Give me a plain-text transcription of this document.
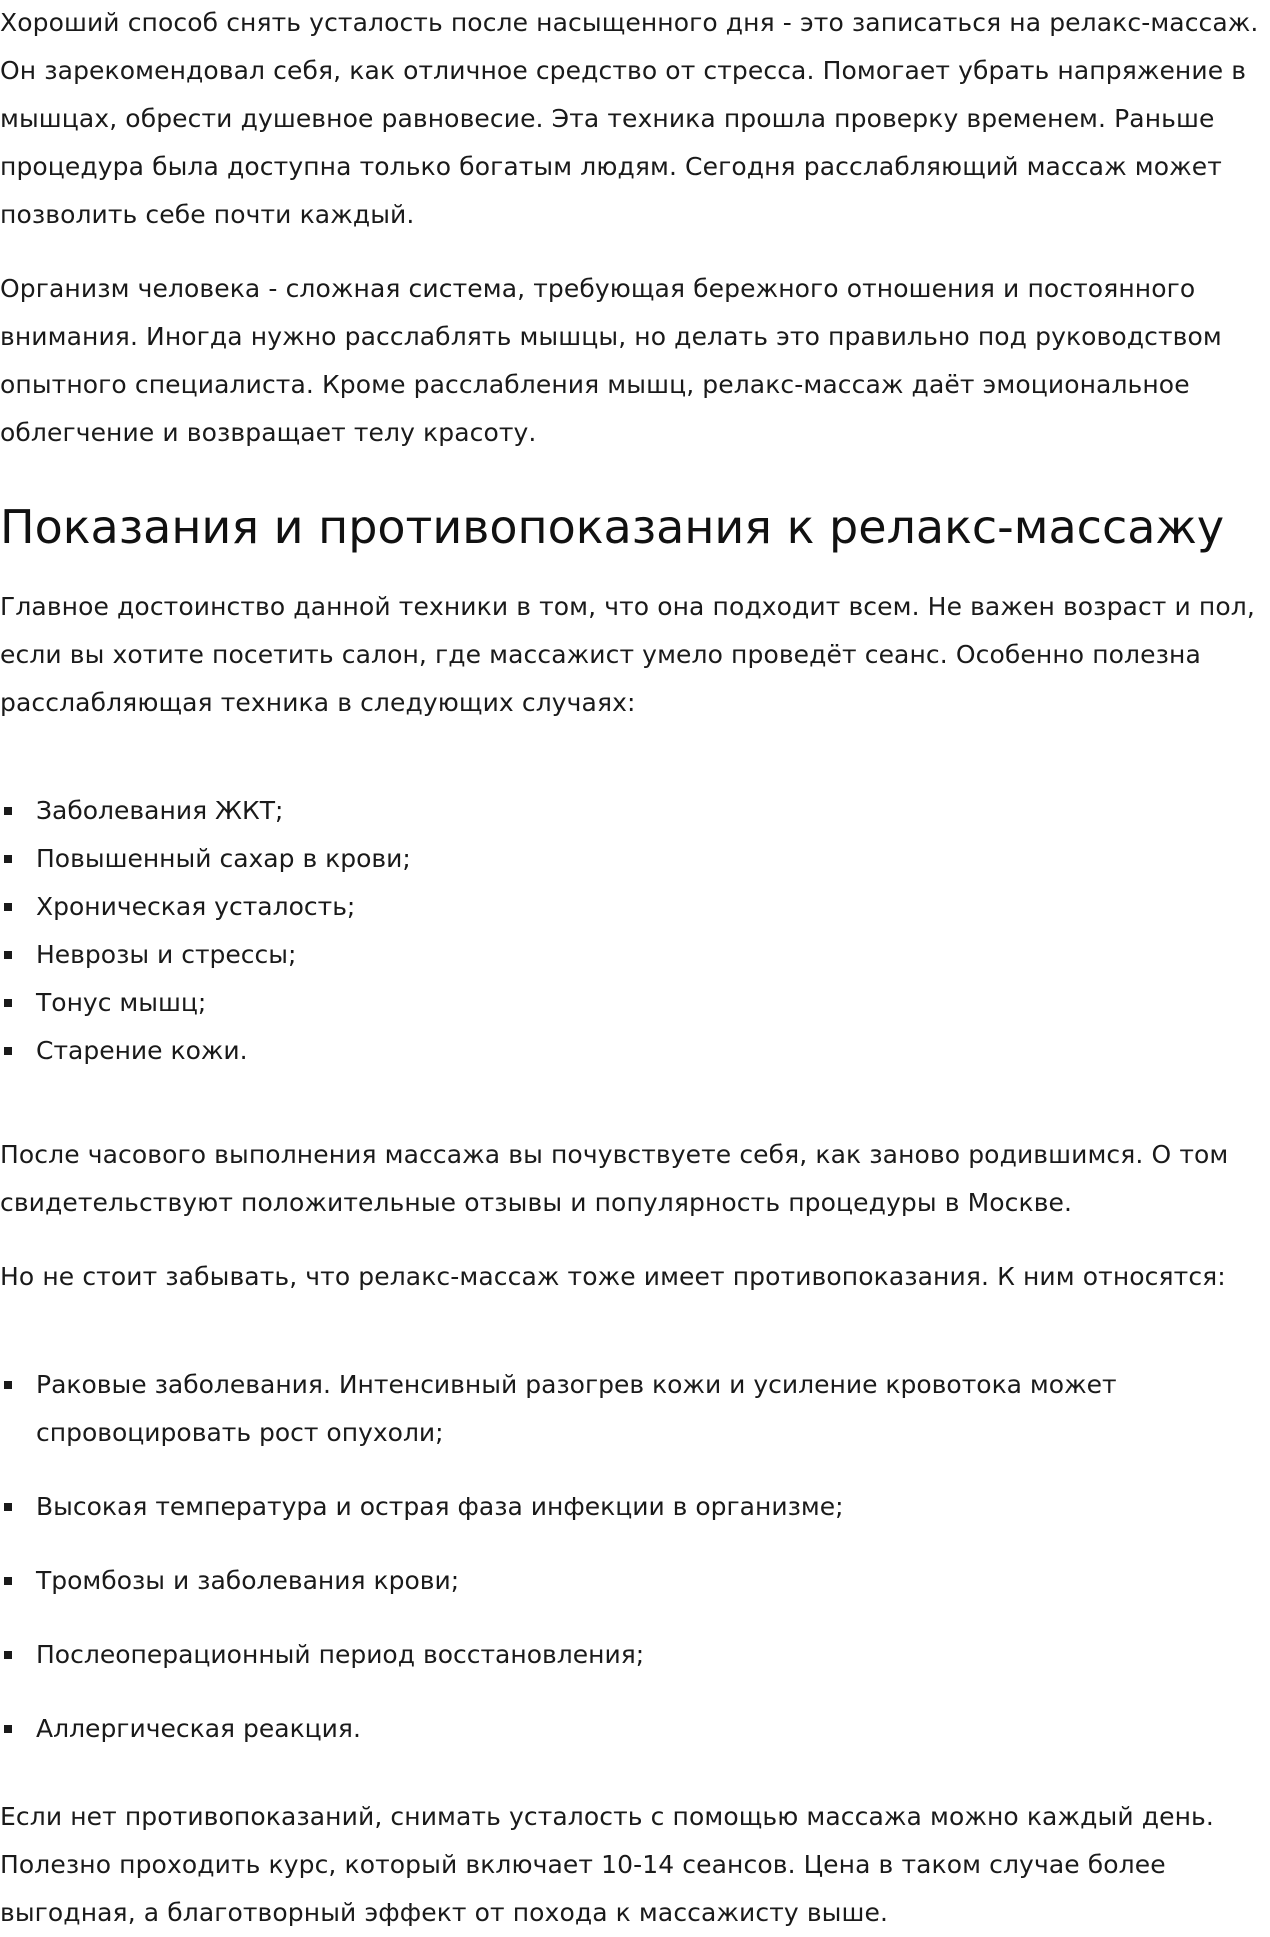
Хороший способ снять усталость после насыщенного дня - это записаться на релакс-массаж. Он зарекомендовал себя, как отличное средство от стресса. Помогает убрать напряжение в мышцах, обрести душевное равновесие. Эта техника прошла проверку временем. Раньше процедура была доступна только богатым людям. Сегодня расслабляющий массаж может позволить себе почти каждый.

Организм человека - сложная система, требующая бережного отношения и постоянного внимания. Иногда нужно расслаблять мышцы, но делать это правильно под руководством опытного специалиста. Кроме расслабления мышц, релакс-массаж даёт эмоциональное облегчение и возвращает телу красоту.

Показания и противопоказания к релакс-массажу

Главное достоинство данной техники в том, что она подходит всем. Не важен возраст и пол, если вы хотите посетить салон, где массажист умело проведёт сеанс. Особенно полезна расслабляющая техника в следующих случаях:

Заболевания ЖКТ;
Повышенный сахар в крови;
Хроническая усталость;
Неврозы и стрессы;
Тонус мышц;
Старение кожи.

После часового выполнения массажа вы почувствуете себя, как заново родившимся. О том свидетельствуют положительные отзывы и популярность процедуры в Москве.

Но не стоит забывать, что релакс-массаж тоже имеет противопоказания. К ним относятся:

Раковые заболевания. Интенсивный разогрев кожи и усиление кровотока может спровоцировать рост опухоли;
Высокая температура и острая фаза инфекции в организме;
Тромбозы и заболевания крови;
Послеоперационный период восстановления;
Аллергическая реакция.

Если нет противопоказаний, снимать усталость с помощью массажа можно каждый день. Полезно проходить курс, который включает 10-14 сеансов. Цена в таком случае более выгодная, а благотворный эффект от похода к массажисту выше.
